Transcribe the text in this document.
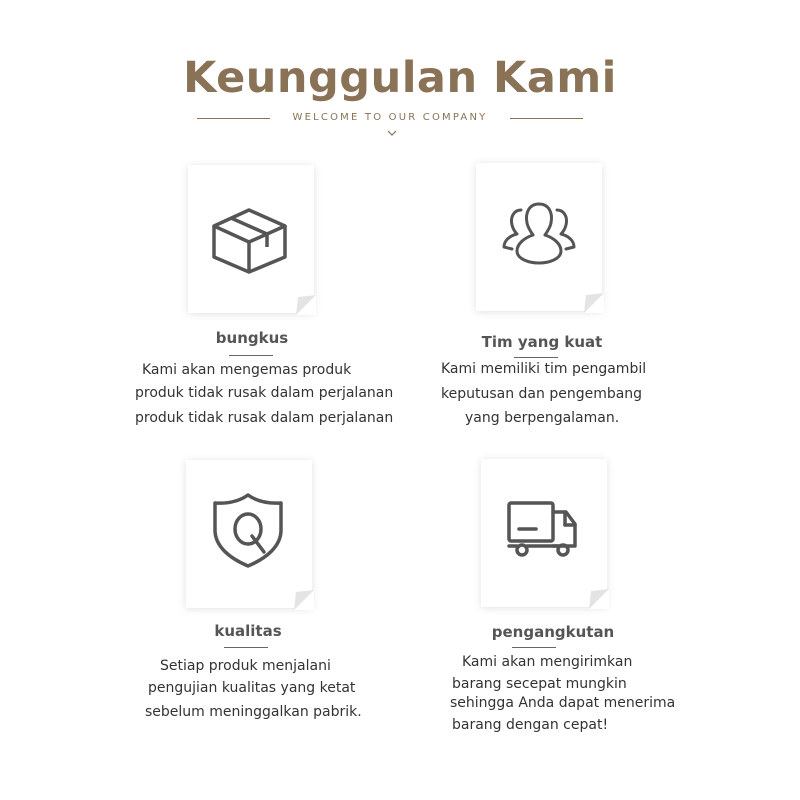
Keunggulan Kami
WELCOME TO OUR COMPANY
bungkus
Kami akan mengemas produk
produk tidak rusak dalam perjalanan
produk tidak rusak dalam perjalanan
Tim yang kuat
Kami memiliki tim pengambil
keputusan dan pengembang
yang berpengalaman.
kualitas
Setiap produk menjalani
pengujian kualitas yang ketat
sebelum meninggalkan pabrik.
pengangkutan
Kami akan mengirimkan
barang secepat mungkin
sehingga Anda dapat menerima
barang dengan cepat!
